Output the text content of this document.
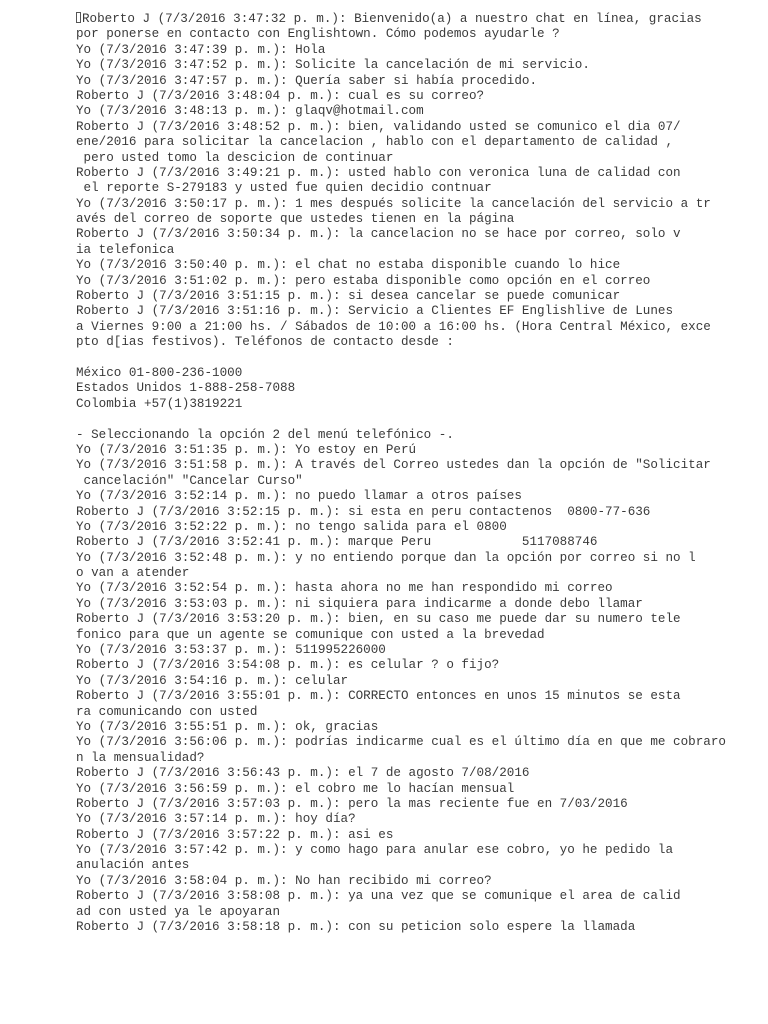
Roberto J (7/3/2016 3:47:32 p. m.): Bienvenido(a) a nuestro chat en línea, gracias
por ponerse en contacto con Englishtown. Cómo podemos ayudarle ?
Yo (7/3/2016 3:47:39 p. m.): Hola
Yo (7/3/2016 3:47:52 p. m.): Solicite la cancelación de mi servicio.
Yo (7/3/2016 3:47:57 p. m.): Quería saber si había procedido.
Roberto J (7/3/2016 3:48:04 p. m.): cual es su correo?
Yo (7/3/2016 3:48:13 p. m.): glaqv@hotmail.com
Roberto J (7/3/2016 3:48:52 p. m.): bien, validando usted se comunico el dia 07/
ene/2016 para solicitar la cancelacion , hablo con el departamento de calidad ,
pero usted tomo la descicion de continuar
Roberto J (7/3/2016 3:49:21 p. m.): usted hablo con veronica luna de calidad con
el reporte S-279183 y usted fue quien decidio contnuar
Yo (7/3/2016 3:50:17 p. m.): 1 mes después solicite la cancelación del servicio a tr
avés del correo de soporte que ustedes tienen en la página
Roberto J (7/3/2016 3:50:34 p. m.): la cancelacion no se hace por correo, solo v
ia telefonica
Yo (7/3/2016 3:50:40 p. m.): el chat no estaba disponible cuando lo hice
Yo (7/3/2016 3:51:02 p. m.): pero estaba disponible como opción en el correo
Roberto J (7/3/2016 3:51:15 p. m.): si desea cancelar se puede comunicar
Roberto J (7/3/2016 3:51:16 p. m.): Servicio a Clientes EF Englishlive de Lunes
a Viernes 9:00 a 21:00 hs. / Sábados de 10:00 a 16:00 hs. (Hora Central México, exce
pto d[ias festivos). Teléfonos de contacto desde :
México 01-800-236-1000
Estados Unidos 1-888-258-7088
Colombia +57(1)3819221
- Seleccionando la opción 2 del menú telefónico -.
Yo (7/3/2016 3:51:35 p. m.): Yo estoy en Perú
Yo (7/3/2016 3:51:58 p. m.): A través del Correo ustedes dan la opción de "Solicitar
cancelación" "Cancelar Curso"
Yo (7/3/2016 3:52:14 p. m.): no puedo llamar a otros países
Roberto J (7/3/2016 3:52:15 p. m.): si esta en peru contactenos  0800-77-636
Yo (7/3/2016 3:52:22 p. m.): no tengo salida para el 0800
Roberto J (7/3/2016 3:52:41 p. m.): marque Peru            5117088746
Yo (7/3/2016 3:52:48 p. m.): y no entiendo porque dan la opción por correo si no l
o van a atender
Yo (7/3/2016 3:52:54 p. m.): hasta ahora no me han respondido mi correo
Yo (7/3/2016 3:53:03 p. m.): ni siquiera para indicarme a donde debo llamar
Roberto J (7/3/2016 3:53:20 p. m.): bien, en su caso me puede dar su numero tele
fonico para que un agente se comunique con usted a la brevedad
Yo (7/3/2016 3:53:37 p. m.): 511995226000
Roberto J (7/3/2016 3:54:08 p. m.): es celular ? o fijo?
Yo (7/3/2016 3:54:16 p. m.): celular
Roberto J (7/3/2016 3:55:01 p. m.): CORRECTO entonces en unos 15 minutos se esta
ra comunicando con usted
Yo (7/3/2016 3:55:51 p. m.): ok, gracias
Yo (7/3/2016 3:56:06 p. m.): podrías indicarme cual es el último día en que me cobraro
n la mensualidad?
Roberto J (7/3/2016 3:56:43 p. m.): el 7 de agosto 7/08/2016
Yo (7/3/2016 3:56:59 p. m.): el cobro me lo hacían mensual
Roberto J (7/3/2016 3:57:03 p. m.): pero la mas reciente fue en 7/03/2016
Yo (7/3/2016 3:57:14 p. m.): hoy día?
Roberto J (7/3/2016 3:57:22 p. m.): asi es
Yo (7/3/2016 3:57:42 p. m.): y como hago para anular ese cobro, yo he pedido la
anulación antes
Yo (7/3/2016 3:58:04 p. m.): No han recibido mi correo?
Roberto J (7/3/2016 3:58:08 p. m.): ya una vez que se comunique el area de calid
ad con usted ya le apoyaran
Roberto J (7/3/2016 3:58:18 p. m.): con su peticion solo espere la llamada
